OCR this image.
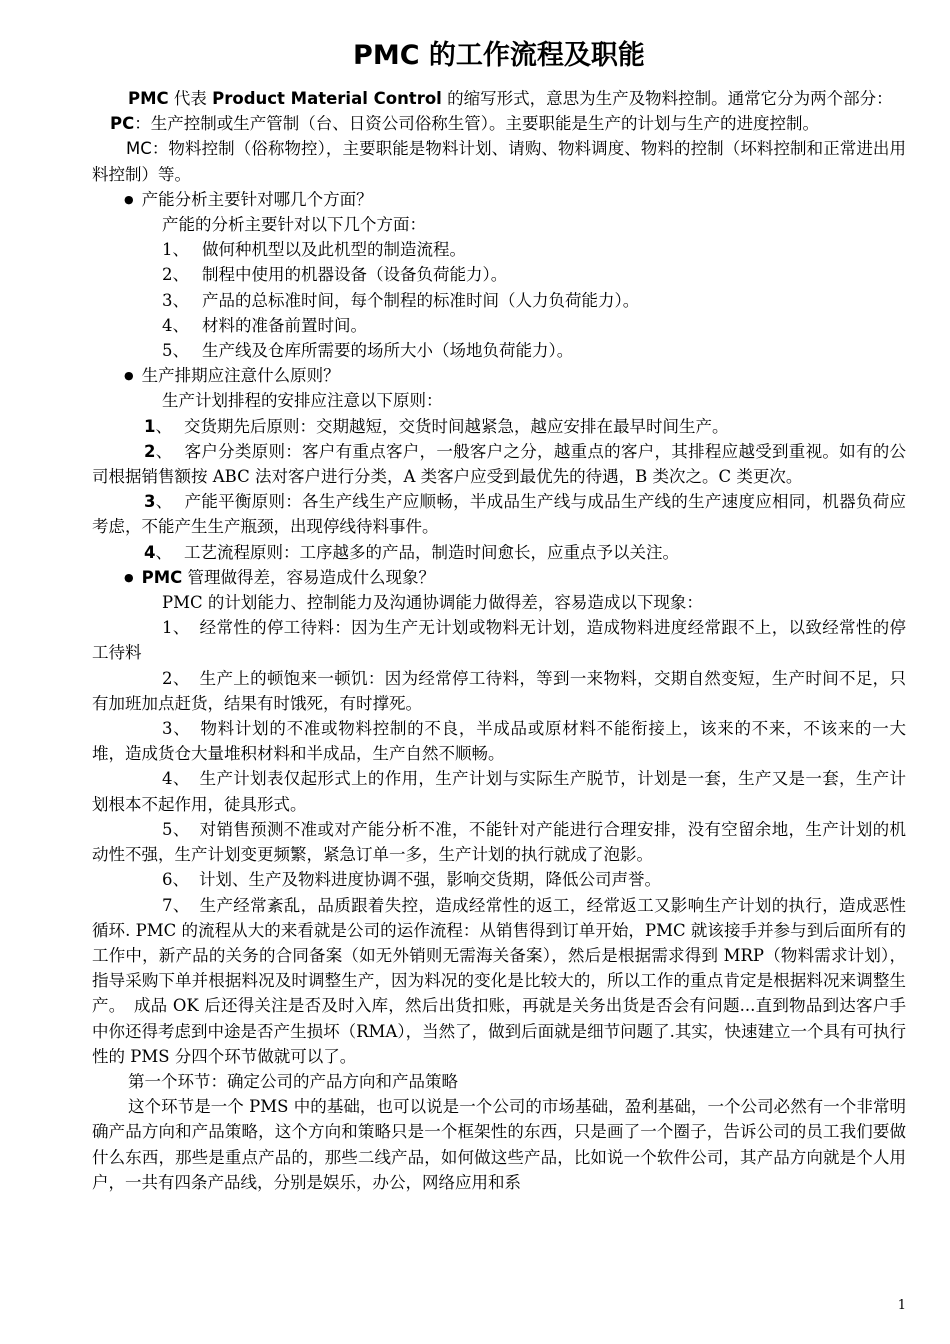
PMC 的工作流程及职能

PMC 代表 Product Material Control 的缩写形式，意思为生产及物料控制。通常它分为两个部分：

PC：生产控制或生产管制（台、日资公司俗称生管）。主要职能是生产的计划与生产的进度控制。

MC：物料控制（俗称物控），主要职能是物料计划、请购、物料调度、物料的控制（坏料控制和正常进出用料控制）等。

● 产能分析主要针对哪几个方面？
产能的分析主要针对以下几个方面：
1、 做何种机型以及此机型的制造流程。
2、 制程中使用的机器设备（设备负荷能力）。
3、 产品的总标准时间，每个制程的标准时间（人力负荷能力）。
4、 材料的准备前置时间。
5、 生产线及仓库所需要的场所大小（场地负荷能力）。
● 生产排期应注意什么原则？
生产计划排程的安排应注意以下原则：

1、 交货期先后原则：交期越短，交货时间越紧急，越应安排在最早时间生产。

2、 客户分类原则：客户有重点客户，一般客户之分，越重点的客户，其排程应越受到重视。如有的公司根据销售额按 ABC 法对客户进行分类，A 类客户应受到最优先的待遇，B 类次之。C 类更次。

3、 产能平衡原则：各生产线生产应顺畅，半成品生产线与成品生产线的生产速度应相同，机器负荷应考虑，不能产生生产瓶颈，出现停线待料事件。

4、 工艺流程原则：工序越多的产品，制造时间愈长，应重点予以关注。

● PMC 管理做得差，容易造成什么现象？
PMC 的计划能力、控制能力及沟通协调能力做得差，容易造成以下现象：

1、 经常性的停工待料：因为生产无计划或物料无计划，造成物料进度经常跟不上，以致经常性的停工待料

2、 生产上的顿饱来一顿饥：因为经常停工待料，等到一来物料，交期自然变短，生产时间不足，只有加班加点赶货，结果有时饿死，有时撑死。

3、 物料计划的不准或物料控制的不良，半成品或原材料不能衔接上，该来的不来，不该来的一大堆，造成货仓大量堆积材料和半成品，生产自然不顺畅。

4、 生产计划表仅起形式上的作用，生产计划与实际生产脱节，计划是一套，生产又是一套，生产计划根本不起作用，徒具形式。

5、 对销售预测不准或对产能分析不准，不能针对产能进行合理安排，没有空留余地，生产计划的机动性不强，生产计划变更频繁，紧急订单一多，生产计划的执行就成了泡影。

6、 计划、生产及物料进度协调不强，影响交货期，降低公司声誉。

7、 生产经常紊乱，品质跟着失控，造成经常性的返工，经常返工又影响生产计划的执行，造成恶性循环. PMC 的流程从大的来看就是公司的运作流程：从销售得到订单开始，PMC 就该接手并参与到后面所有的工作中，新产品的关务的合同备案（如无外销则无需海关备案），然后是根据需求得到 MRP（物料需求计划），指导采购下单并根据料况及时调整生产，因为料况的变化是比较大的，所以工作的重点肯定是根据料况来调整生产。　成品 OK 后还得关注是否及时入库，然后出货扣账，再就是关务出货是否会有问题...直到物品到达客户手中你还得考虑到中途是否产生损坏（RMA），当然了，做到后面就是细节问题了.其实，快速建立一个具有可执行性的 PMS 分四个环节做就可以了。

第一个环节：确定公司的产品方向和产品策略

这个环节是一个 PMS 中的基础，也可以说是一个公司的市场基础，盈利基础，一个公司必然有一个非常明确产品方向和产品策略，这个方向和策略只是一个框架性的东西，只是画了一个圈子，告诉公司的员工我们要做什么东西，那些是重点产品的，那些二线产品，如何做这些产品，比如说一个软件公司，其产品方向就是个人用户，一共有四条产品线，分别是娱乐，办公，网络应用和系

1
